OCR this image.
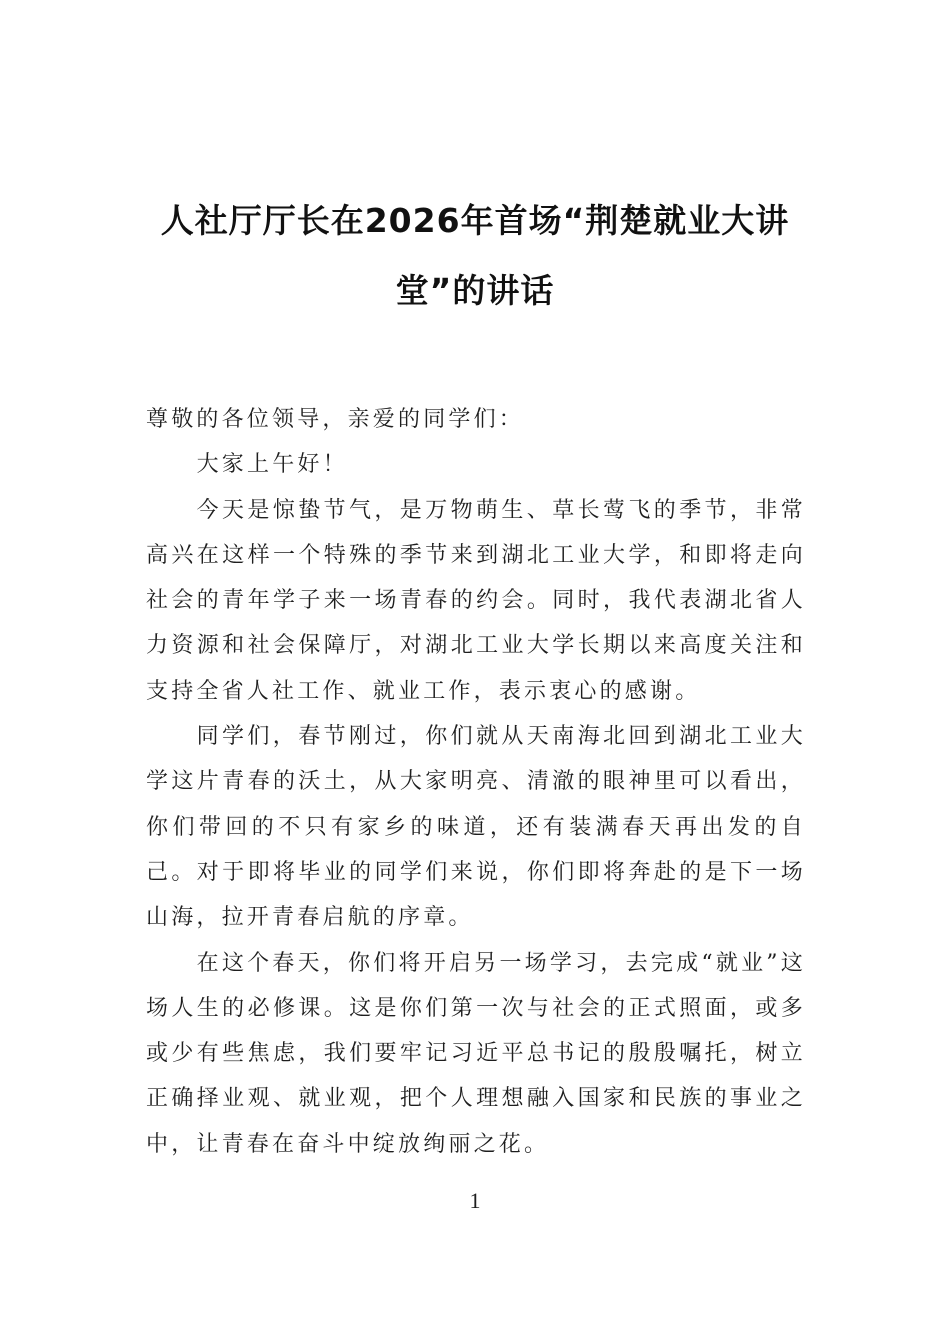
人社厅厅长在2026年首场“荆楚就业大讲堂”的讲话

尊敬的各位领导，亲爱的同学们：

大家上午好！

今天是惊蛰节气，是万物萌生、草长莺飞的季节，非常高兴在这样一个特殊的季节来到湖北工业大学，和即将走向社会的青年学子来一场青春的约会。同时，我代表湖北省人力资源和社会保障厅，对湖北工业大学长期以来高度关注和支持全省人社工作、就业工作，表示衷心的感谢。

同学们，春节刚过，你们就从天南海北回到湖北工业大学这片青春的沃土，从大家明亮、清澈的眼神里可以看出，你们带回的不只有家乡的味道，还有装满春天再出发的自己。对于即将毕业的同学们来说，你们即将奔赴的是下一场山海，拉开青春启航的序章。

在这个春天，你们将开启另一场学习，去完成“就业”这场人生的必修课。这是你们第一次与社会的正式照面，或多或少有些焦虑，我们要牢记习近平总书记的殷殷嘱托，树立正确择业观、就业观，把个人理想融入国家和民族的事业之中，让青春在奋斗中绽放绚丽之花。

1
